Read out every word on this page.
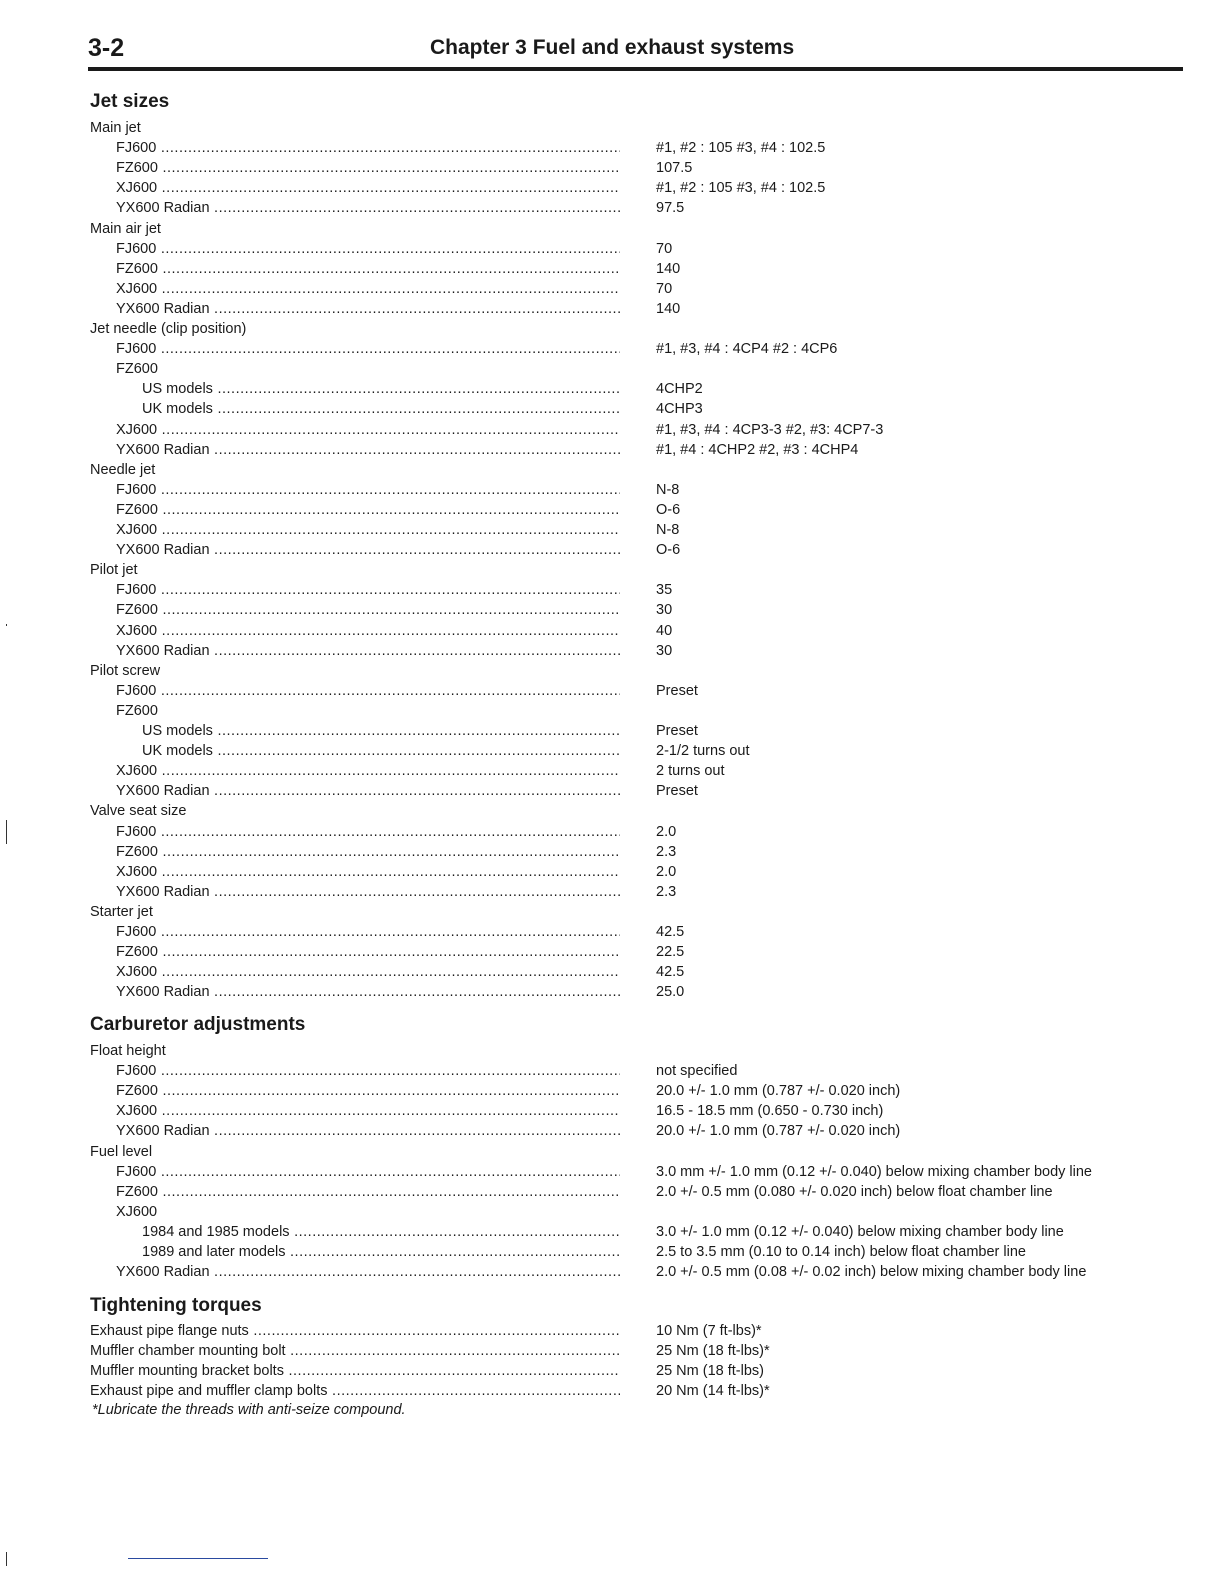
3-2	Chapter 3 Fuel and exhaust systems
Jet sizes
Main jet
FJ600 .....	#1, #2 : 105 #3, #4 : 102.5
FZ600 .....	107.5
XJ600 .....	#1, #2 : 105 #3, #4 : 102.5
YX600 Radian .....	97.5
Main air jet
FJ600 .....	70
FZ600 .....	140
XJ600 .....	70
YX600 Radian .....	140
Jet needle (clip position)
FJ600 .....	#1, #3, #4 : 4CP4 #2 : 4CP6
FZ600
US models .....	4CHP2
UK models .....	4CHP3
XJ600 .....	#1, #3, #4 : 4CP3-3 #2, #3: 4CP7-3
YX600 Radian .....	#1, #4 : 4CHP2 #2, #3 : 4CHP4
Needle jet
FJ600 .....	N-8
FZ600 .....	O-6
XJ600 .....	N-8
YX600 Radian .....	O-6
Pilot jet
FJ600 .....	35
FZ600 .....	30
XJ600 .....	40
YX600 Radian .....	30
Pilot screw
FJ600 .....	Preset
FZ600
US models .....	Preset
UK models .....	2-1/2 turns out
XJ600 .....	2 turns out
YX600 Radian .....	Preset
Valve seat size
FJ600 .....	2.0
FZ600 .....	2.3
XJ600 .....	2.0
YX600 Radian .....	2.3
Starter jet
FJ600 .....	42.5
FZ600 .....	22.5
XJ600 .....	42.5
YX600 Radian .....	25.0
Carburetor adjustments
Float height
FJ600 .....	not specified
FZ600 .....	20.0 +/- 1.0 mm (0.787 +/- 0.020 inch)
XJ600 .....	16.5 - 18.5 mm (0.650 - 0.730 inch)
YX600 Radian .....	20.0 +/- 1.0 mm (0.787 +/- 0.020 inch)
Fuel level
FJ600 .....	3.0 mm +/- 1.0 mm (0.12 +/- 0.040) below mixing chamber body line
FZ600 .....	2.0 +/- 0.5 mm (0.080 +/- 0.020 inch) below float chamber line
XJ600
1984 and 1985 models .....	3.0 +/- 1.0 mm (0.12 +/- 0.040) below mixing chamber body line
1989 and later models .....	2.5 to 3.5 mm (0.10 to 0.14 inch) below float chamber line
YX600 Radian .....	2.0 +/- 0.5 mm (0.08 +/- 0.02 inch) below mixing chamber body line
Tightening torques
Exhaust pipe flange nuts .....	10 Nm (7 ft-lbs)*
Muffler chamber mounting bolt .....	25 Nm (18 ft-lbs)*
Muffler mounting bracket bolts .....	25 Nm (18 ft-lbs)
Exhaust pipe and muffler clamp bolts .....	20 Nm (14 ft-lbs)*
*Lubricate the threads with anti-seize compound.
